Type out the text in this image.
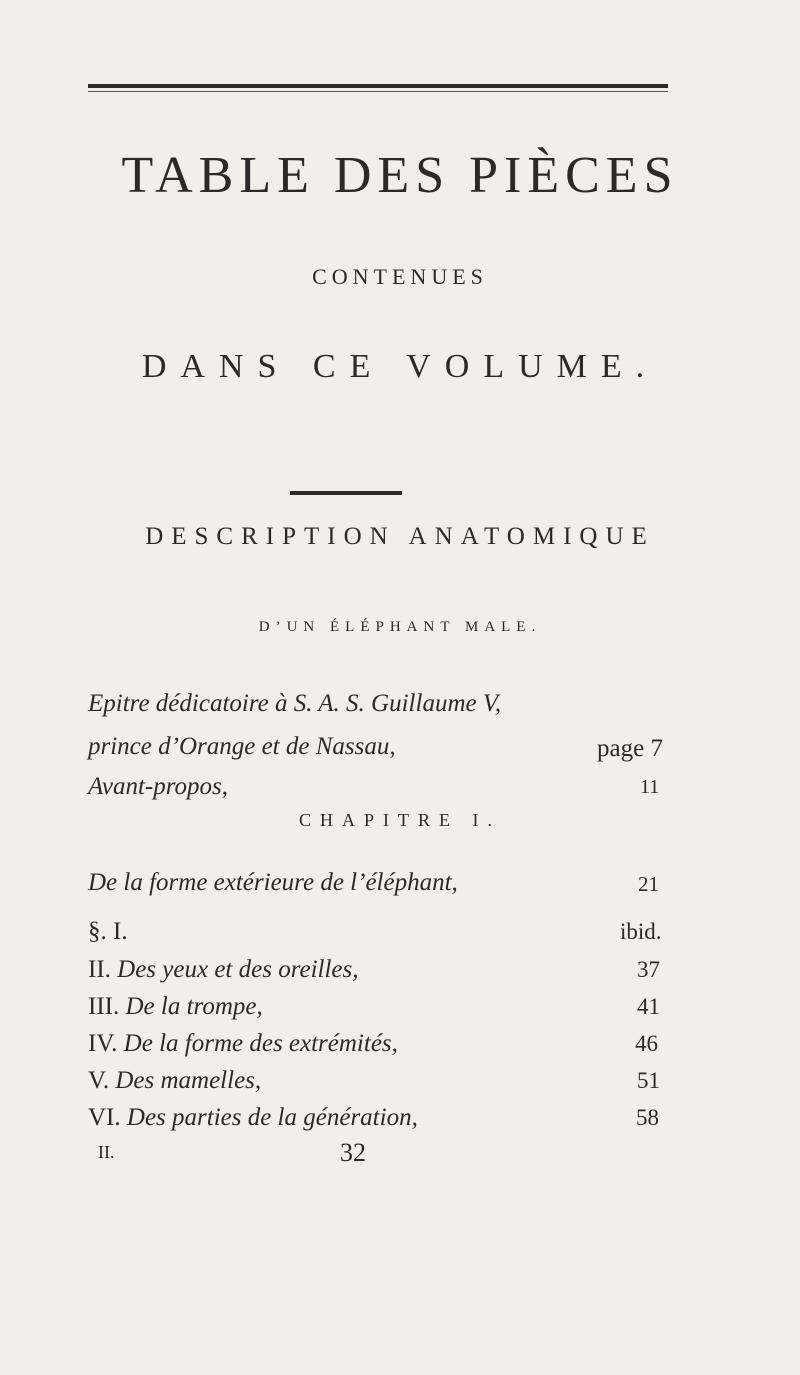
TABLE DES PIÈCES
CONTENUES
DANS CE VOLUME.
DESCRIPTION ANATOMIQUE
D’UN ÉLÉPHANT MALE.
Epitre dédicatoire à S. A. S. Guillaume V,
prince d’Orange et de Nassau,	page 7
Avant-propos,	11
CHAPITRE I.
De la forme extérieure de l’éléphant,	21
§. I.	ibid.
II. Des yeux et des oreilles,	37
III. De la trompe,	41
IV. De la forme des extrémités,	46
V. Des mamelles,	51
VI. Des parties de la génération,	58
II.	32
